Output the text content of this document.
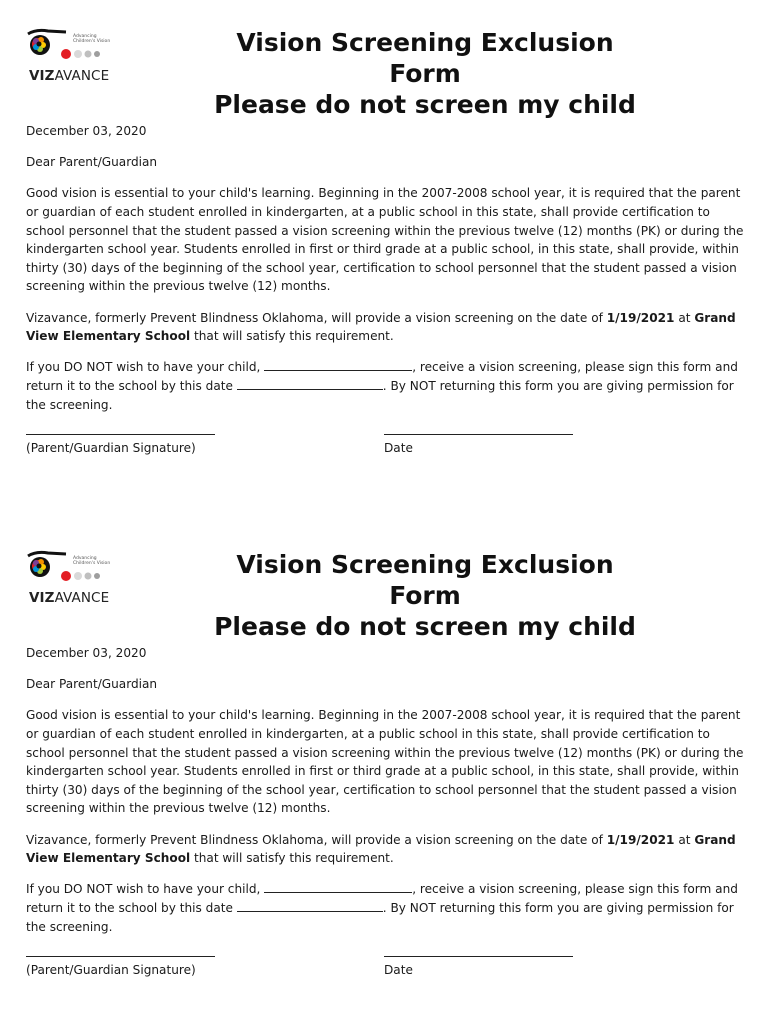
Advancing
Children's Vision
VIZAVANCE
Vision Screening Exclusion Form
Please do not screen my child

December 03, 2020

Dear Parent/Guardian

Good vision is essential to your child's learning. Beginning in the 2007-2008 school year, it is required that the parent or guardian of each student enrolled in kindergarten, at a public school in this state, shall provide certification to school personnel that the student passed a vision screening within the previous twelve (12) months (PK) or during the kindergarten school year. Students enrolled in first or third grade at a public school, in this state, shall provide, within thirty (30) days of the beginning of the school year, certification to school personnel that the student passed a vision screening within the previous twelve (12) months.

Vizavance, formerly Prevent Blindness Oklahoma, will provide a vision screening on the date of 1/19/2021 at Grand View Elementary School that will satisfy this requirement.

If you DO NOT wish to have your child,	, receive a vision screening, please sign this form and return it to the school by this date	. By NOT returning this form you are giving permission for the screening.

(Parent/Guardian Signature)	Date
Advancing
Children's Vision
VIZAVANCE
Vision Screening Exclusion Form
Please do not screen my child

December 03, 2020

Dear Parent/Guardian

Good vision is essential to your child's learning. Beginning in the 2007-2008 school year, it is required that the parent or guardian of each student enrolled in kindergarten, at a public school in this state, shall provide certification to school personnel that the student passed a vision screening within the previous twelve (12) months (PK) or during the kindergarten school year. Students enrolled in first or third grade at a public school, in this state, shall provide, within thirty (30) days of the beginning of the school year, certification to school personnel that the student passed a vision screening within the previous twelve (12) months.

Vizavance, formerly Prevent Blindness Oklahoma, will provide a vision screening on the date of 1/19/2021 at Grand View Elementary School that will satisfy this requirement.

If you DO NOT wish to have your child,	, receive a vision screening, please sign this form and return it to the school by this date	. By NOT returning this form you are giving permission for the screening.

(Parent/Guardian Signature)	Date
